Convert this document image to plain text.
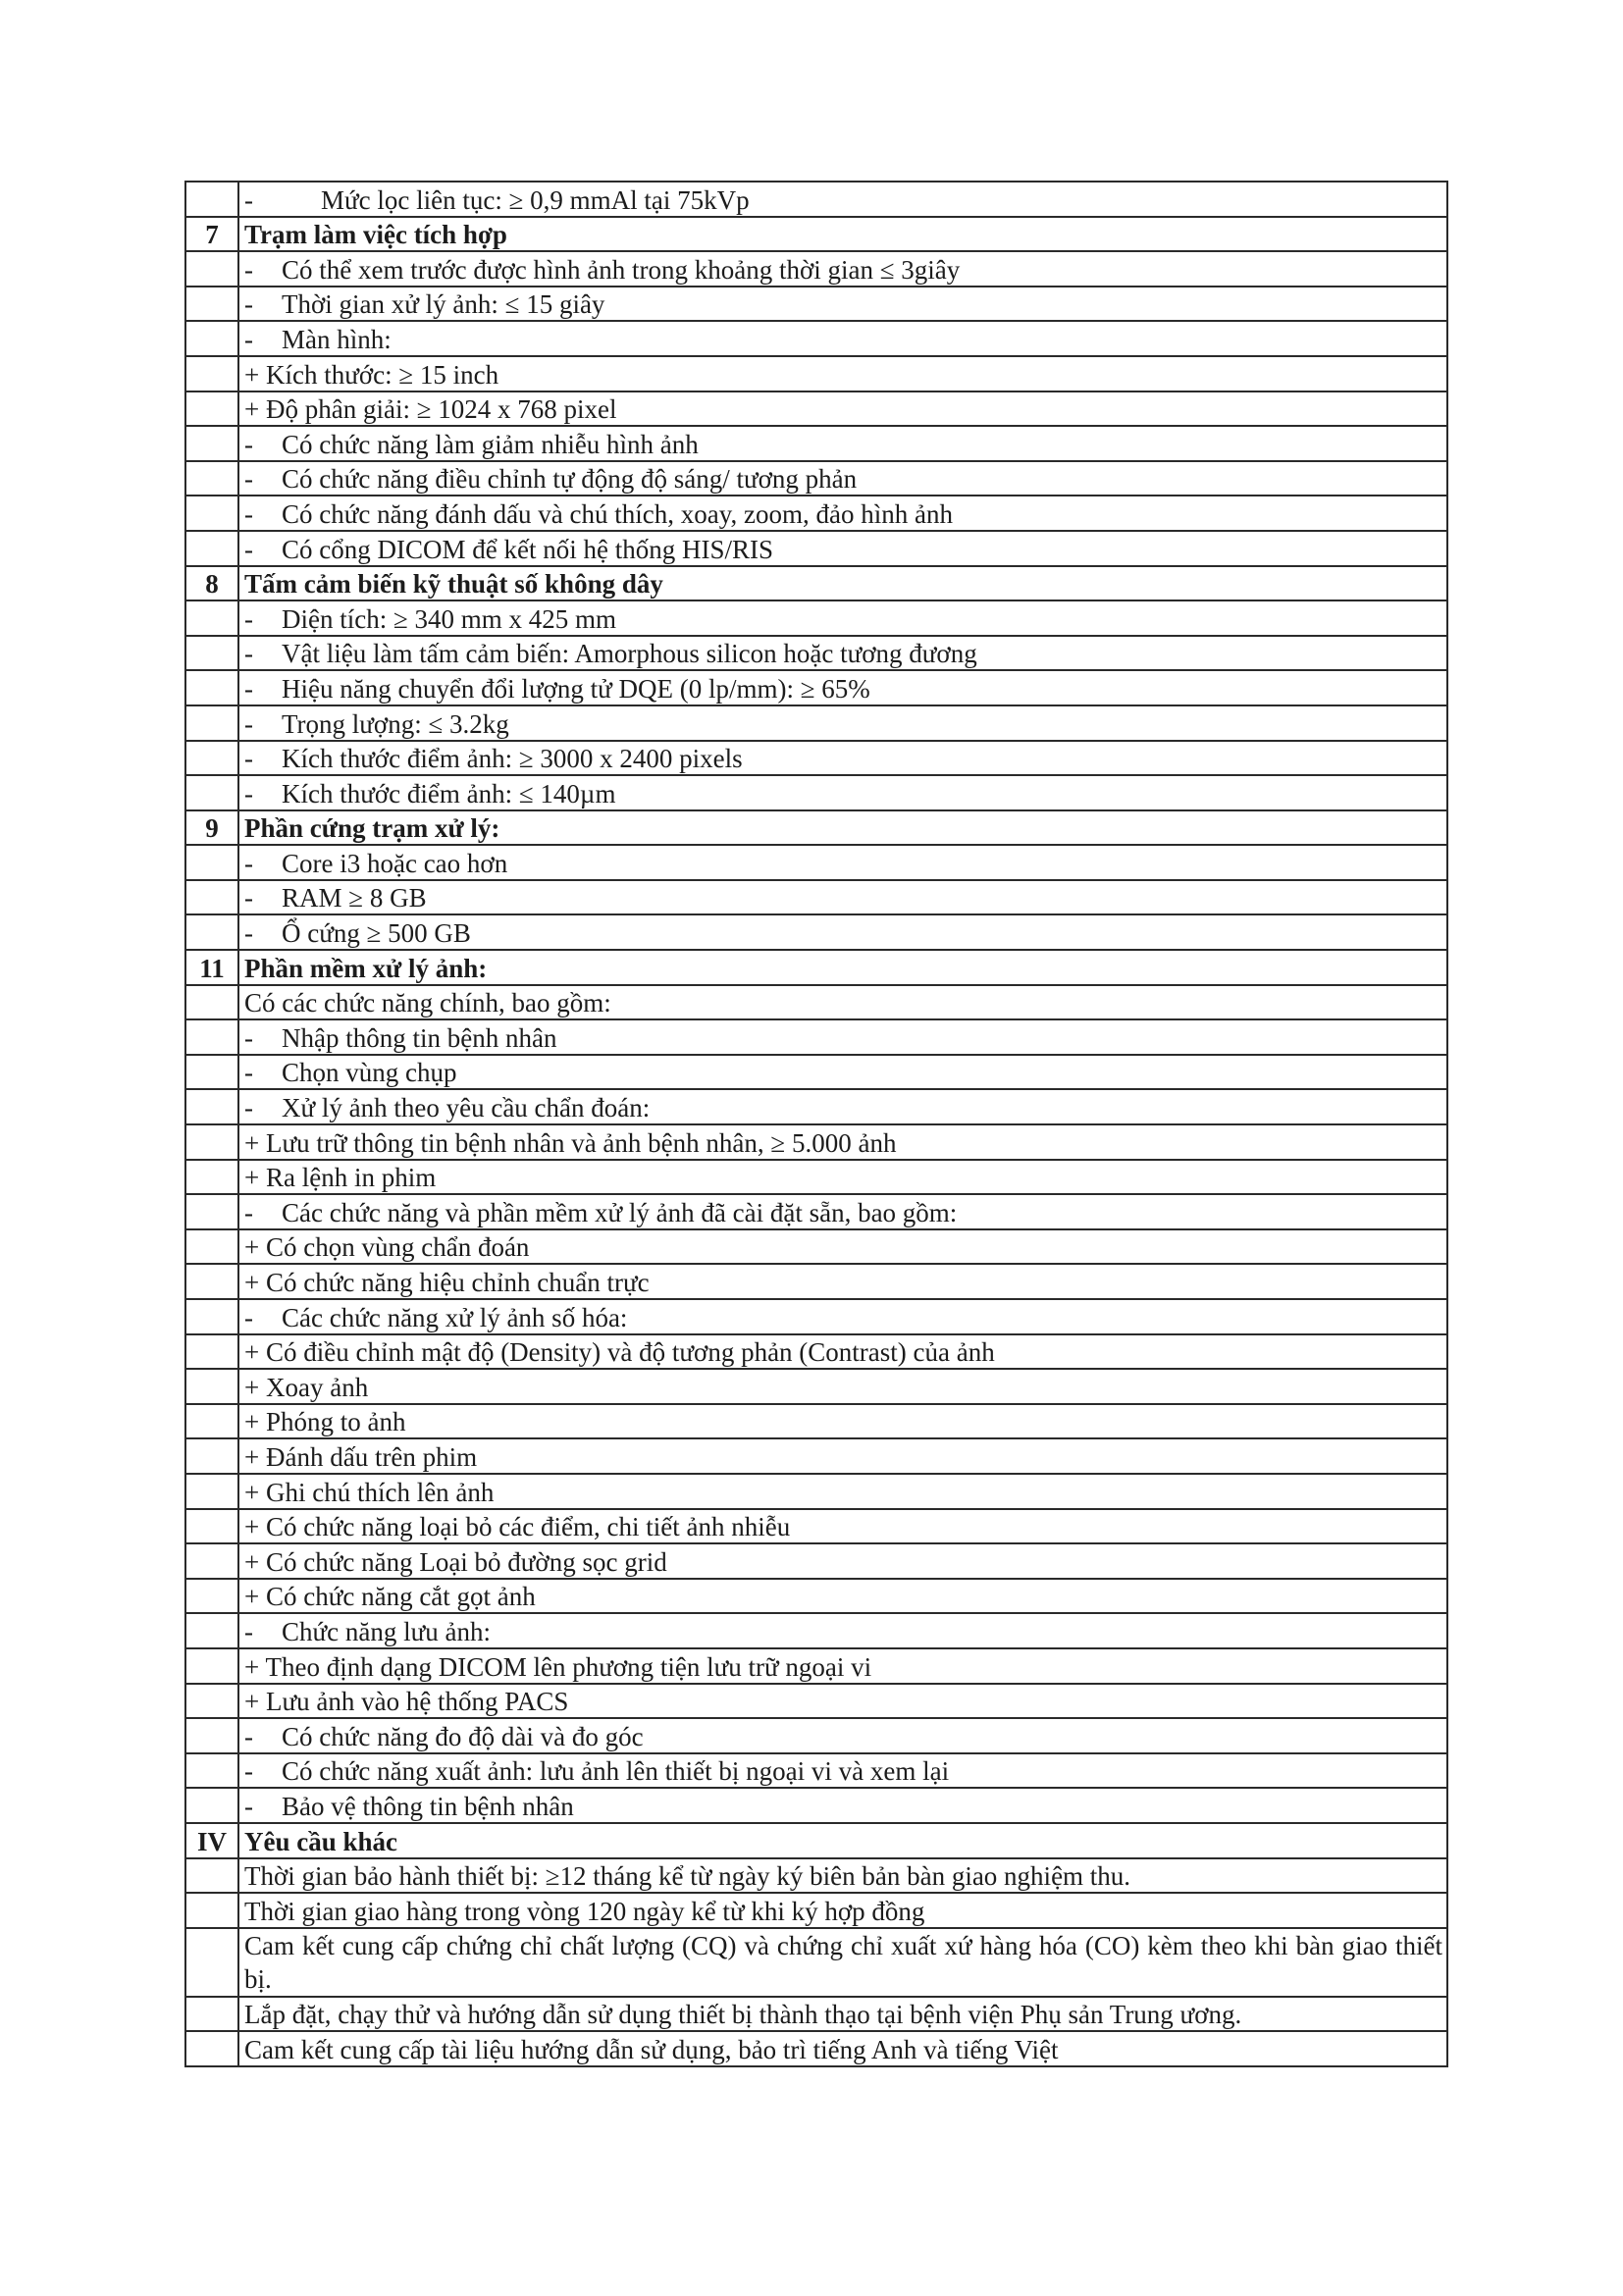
	- Mức lọc liên tục: ≥ 0,9 mmAl tại 75kVp
7	Trạm làm việc tích hợp
	- Có thể xem trước được hình ảnh trong khoảng thời gian ≤ 3giây
	- Thời gian xử lý ảnh: ≤ 15 giây
	- Màn hình:
	+ Kích thước: ≥ 15 inch
	+ Độ phân giải: ≥ 1024 x 768 pixel
	- Có chức năng làm giảm nhiễu hình ảnh
	- Có chức năng điều chỉnh tự động độ sáng/ tương phản
	- Có chức năng đánh dấu và chú thích, xoay, zoom, đảo hình ảnh
	- Có cổng DICOM để kết nối hệ thống HIS/RIS
8	Tấm cảm biến kỹ thuật số không dây
	- Diện tích: ≥ 340 mm x 425 mm
	- Vật liệu làm tấm cảm biến: Amorphous silicon hoặc tương đương
	- Hiệu năng chuyển đổi lượng tử DQE (0 lp/mm): ≥ 65%
	- Trọng lượng: ≤ 3.2kg
	- Kích thước điểm ảnh: ≥ 3000 x 2400 pixels
	- Kích thước điểm ảnh: ≤ 140µm
9	Phần cứng trạm xử lý:
	- Core i3 hoặc cao hơn
	- RAM ≥ 8 GB
	- Ổ cứng ≥ 500 GB
11	Phần mềm xử lý ảnh:
	Có các chức năng chính, bao gồm:
	- Nhập thông tin bệnh nhân
	- Chọn vùng chụp
	- Xử lý ảnh theo yêu cầu chẩn đoán:
	+ Lưu trữ thông tin bệnh nhân và ảnh bệnh nhân, ≥ 5.000 ảnh
	+ Ra lệnh in phim
	- Các chức năng và phần mềm xử lý ảnh đã cài đặt sẵn, bao gồm:
	+ Có chọn vùng chẩn đoán
	+ Có chức năng hiệu chỉnh chuẩn trực
	- Các chức năng xử lý ảnh số hóa:
	+ Có điều chỉnh mật độ (Density) và độ tương phản (Contrast) của ảnh
	+ Xoay ảnh
	+ Phóng to ảnh
	+ Đánh dấu trên phim
	+ Ghi chú thích lên ảnh
	+ Có chức năng loại bỏ các điểm, chi tiết ảnh nhiễu
	+ Có chức năng Loại bỏ đường sọc grid
	+ Có chức năng cắt gọt ảnh
	- Chức năng lưu ảnh:
	+ Theo định dạng DICOM lên phương tiện lưu trữ ngoại vi
	+ Lưu ảnh vào hệ thống PACS
	- Có chức năng đo độ dài và đo góc
	- Có chức năng xuất ảnh: lưu ảnh lên thiết bị ngoại vi và xem lại
	- Bảo vệ thông tin bệnh nhân
IV	Yêu cầu khác
	Thời gian bảo hành thiết bị: ≥12 tháng kể từ ngày ký biên bản bàn giao nghiệm thu.
	Thời gian giao hàng trong vòng 120 ngày kể từ khi ký hợp đồng
	Cam kết cung cấp chứng chỉ chất lượng (CQ) và chứng chỉ xuất xứ hàng hóa (CO) kèm theo khi bàn giao thiết bị.
	Lắp đặt, chạy thử và hướng dẫn sử dụng thiết bị thành thạo tại bệnh viện Phụ sản Trung ương.
	Cam kết cung cấp tài liệu hướng dẫn sử dụng, bảo trì tiếng Anh và tiếng Việt
